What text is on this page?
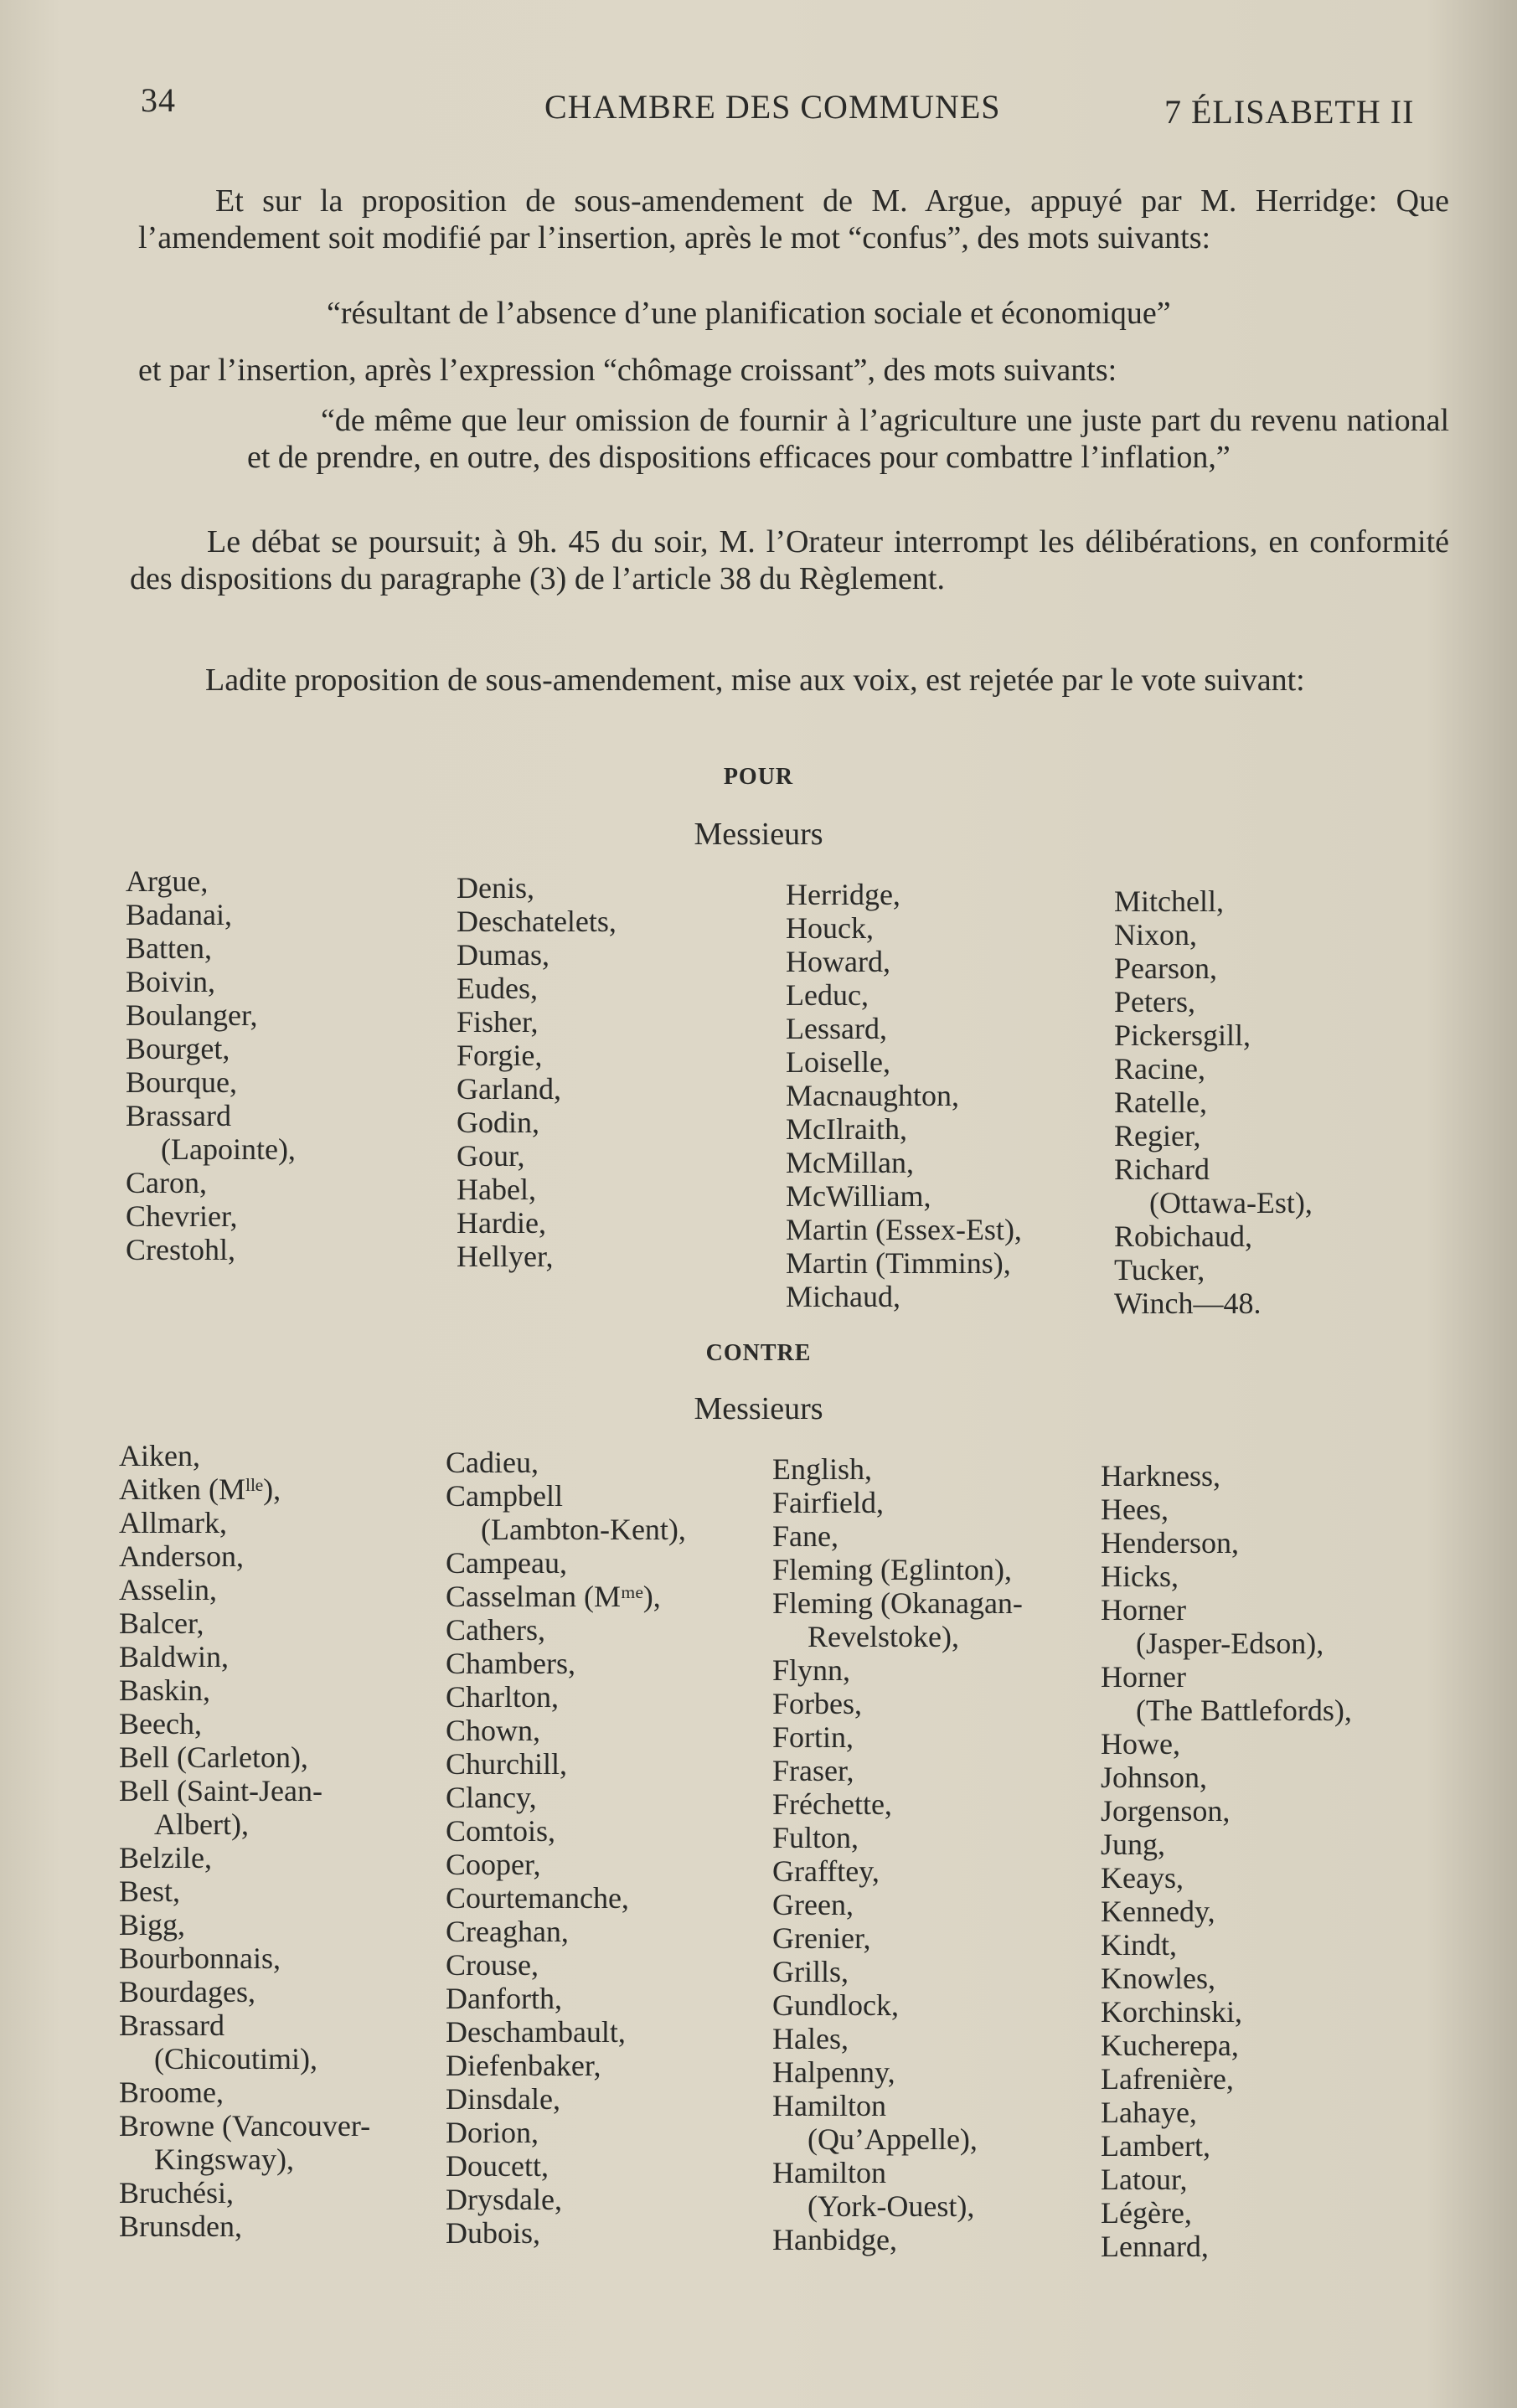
34	CHAMBRE DES COMMUNES	7 ÉLISABETH II

Et sur la proposition de sous-amendement de M. Argue, appuyé par M. Herridge: Que l’amendement soit modifié par l’insertion, après le mot “confus”, des mots suivants:

“résultant de l’absence d’une planification sociale et économique”

et par l’insertion, après l’expression “chômage croissant”, des mots suivants:

“de même que leur omission de fournir à l’agriculture une juste part du revenu national et de prendre, en outre, des dispositions efficaces pour combattre l’inflation,”

Le débat se poursuit; à 9h. 45 du soir, M. l’Orateur interrompt les délibérations, en conformité des dispositions du paragraphe (3) de l’article 38 du Règlement.

Ladite proposition de sous-amendement, mise aux voix, est rejetée par le vote suivant:

POUR
Messieurs
Argue,
Badanai,
Batten,
Boivin,
Boulanger,
Bourget,
Bourque,
Brassard
(Lapointe),
Caron,
Chevrier,
Crestohl,
Denis,
Deschatelets,
Dumas,
Eudes,
Fisher,
Forgie,
Garland,
Godin,
Gour,
Habel,
Hardie,
Hellyer,
Herridge,
Houck,
Howard,
Leduc,
Lessard,
Loiselle,
Macnaughton,
McIlraith,
McMillan,
McWilliam,
Martin (Essex-Est),
Martin (Timmins),
Michaud,
Mitchell,
Nixon,
Pearson,
Peters,
Pickersgill,
Racine,
Ratelle,
Regier,
Richard
(Ottawa-Est),
Robichaud,
Tucker,
Winch—48.
CONTRE
Messieurs
Aiken,
Aitken (Mˡˡᵉ),
Allmark,
Anderson,
Asselin,
Balcer,
Baldwin,
Baskin,
Beech,
Bell (Carleton),
Bell (Saint-Jean-
Albert),
Belzile,
Best,
Bigg,
Bourbonnais,
Bourdages,
Brassard
(Chicoutimi),
Broome,
Browne (Vancouver-
Kingsway),
Bruchési,
Brunsden,
Cadieu,
Campbell
(Lambton-Kent),
Campeau,
Casselman (Mᵐᵉ),
Cathers,
Chambers,
Charlton,
Chown,
Churchill,
Clancy,
Comtois,
Cooper,
Courtemanche,
Creaghan,
Crouse,
Danforth,
Deschambault,
Diefenbaker,
Dinsdale,
Dorion,
Doucett,
Drysdale,
Dubois,
English,
Fairfield,
Fane,
Fleming (Eglinton),
Fleming (Okanagan-
Revelstoke),
Flynn,
Forbes,
Fortin,
Fraser,
Fréchette,
Fulton,
Grafftey,
Green,
Grenier,
Grills,
Gundlock,
Hales,
Halpenny,
Hamilton
(Qu’Appelle),
Hamilton
(York-Ouest),
Hanbidge,
Harkness,
Hees,
Henderson,
Hicks,
Horner
(Jasper-Edson),
Horner
(The Battlefords),
Howe,
Johnson,
Jorgenson,
Jung,
Keays,
Kennedy,
Kindt,
Knowles,
Korchinski,
Kucherepa,
Lafrenière,
Lahaye,
Lambert,
Latour,
Légère,
Lennard,
